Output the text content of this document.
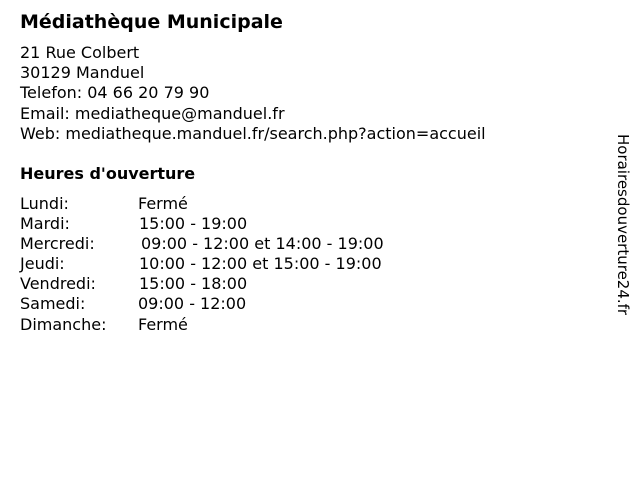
Médiathèque Municipale
21 Rue Colbert
30129 Manduel
Telefon: 04 66 20 79 90
Email: mediatheque@manduel.fr
Web: mediatheque.manduel.fr/search.php?action=accueil
Heures d'ouverture
Lundi:	Fermé
Mardi:	15:00 - 19:00
Mercredi:	09:00 - 12:00 et 14:00 - 19:00
Jeudi:	10:00 - 12:00 et 15:00 - 19:00
Vendredi:	15:00 - 18:00
Samedi:	09:00 - 12:00
Dimanche: Fermé
Horairesdouverture24.fr
